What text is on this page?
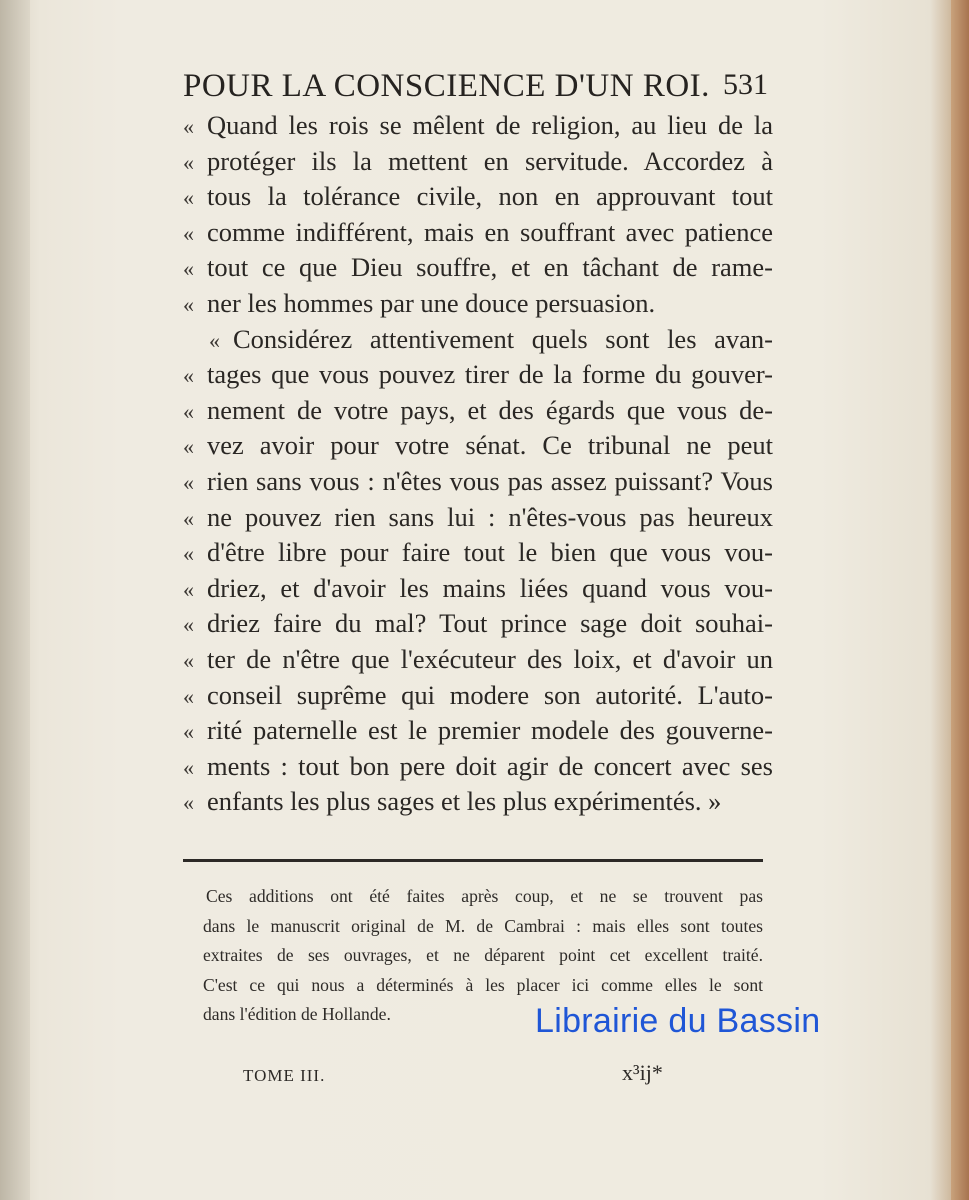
POUR LA CONSCIENCE D'UN ROI. 531
« Quand les rois se mêlent de religion, au lieu de la
« protéger ils la mettent en servitude. Accordez à
« tous la tolérance civile, non en approuvant tout
« comme indifférent, mais en souffrant avec patience
« tout ce que Dieu souffre, et en tâchant de rame-
« ner les hommes par une douce persuasion.
« Considérez attentivement quels sont les avan-
« tages que vous pouvez tirer de la forme du gouver-
« nement de votre pays, et des égards que vous de-
« vez avoir pour votre sénat. Ce tribunal ne peut
« rien sans vous : n'êtes vous pas assez puissant? Vous
« ne pouvez rien sans lui : n'êtes-vous pas heureux
« d'être libre pour faire tout le bien que vous vou-
« driez, et d'avoir les mains liées quand vous vou-
« driez faire du mal? Tout prince sage doit souhai-
« ter de n'être que l'exécuteur des loix, et d'avoir un
« conseil suprême qui modere son autorité. L'auto-
« rité paternelle est le premier modele des gouverne-
« ments : tout bon pere doit agir de concert avec ses
« enfants les plus sages et les plus expérimentés. »
Ces additions ont été faites après coup, et ne se trouvent pas
dans le manuscrit original de M. de Cambrai : mais elles sont toutes
extraites de ses ouvrages, et ne déparent point cet excellent traité.
C'est ce qui nous a déterminés à les placer ici comme elles le sont
dans l'édition de Hollande.
TOME III.	x³ij*
Librairie du Bassin
